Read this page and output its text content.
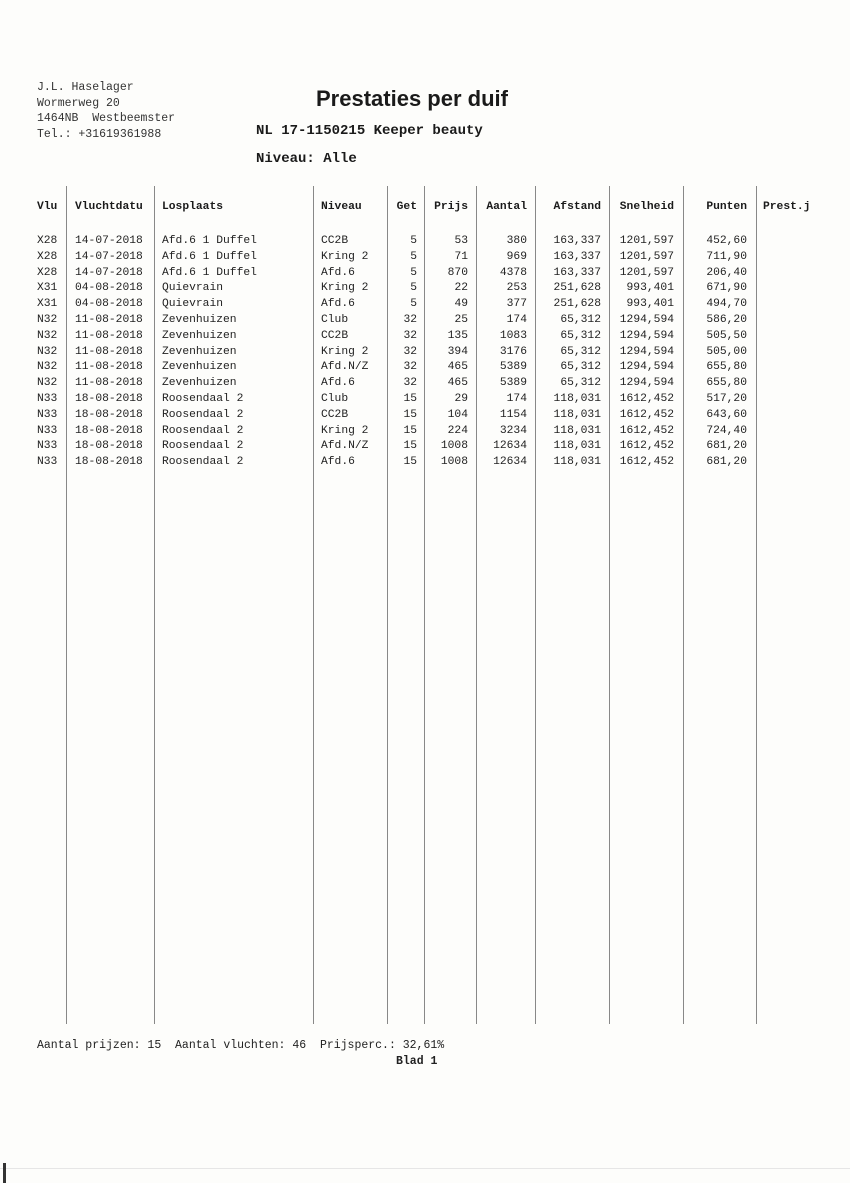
J.L. Haselager
Wormerweg 20
1464NB  Westbeemster
Tel.: +31619361988
Prestaties per duif
NL 17-1150215 Keeper beauty
Niveau: Alle
Vlu Vluchtdatu Losplaats	Niveau	Get Prijs Aantal Afstand Snelheid	Punten Prest.j
X28 14-07-2018 Afd.6 1 Duffel	CC2B	5	53	380 163,337 1201,597	452,60
X28 14-07-2018 Afd.6 1 Duffel	Kring 2	5	71	969 163,337 1201,597	711,90
X28 14-07-2018 Afd.6 1 Duffel	Afd.6	5	870	4378 163,337 1201,597	206,40
X31 04-08-2018 Quievrain	Kring 2	5	22	253 251,628 993,401	671,90
X31 04-08-2018 Quievrain	Afd.6	5	49	377 251,628 993,401	494,70
N32 11-08-2018 Zevenhuizen	Club	32	25	174	65,312 1294,594	586,20
N32 11-08-2018 Zevenhuizen	CC2B	32	135	1083	65,312 1294,594	505,50
N32 11-08-2018 Zevenhuizen	Kring 2	32	394	3176	65,312 1294,594	505,00
N32 11-08-2018 Zevenhuizen	Afd.N/Z	32	465	5389	65,312 1294,594	655,80
N32 11-08-2018 Zevenhuizen	Afd.6	32	465	5389	65,312 1294,594	655,80
N33 18-08-2018 Roosendaal 2	Club	15	29	174 118,031 1612,452	517,20
N33 18-08-2018 Roosendaal 2	CC2B	15	104	1154 118,031 1612,452	643,60
N33 18-08-2018 Roosendaal 2	Kring 2	15	224	3234 118,031 1612,452	724,40
N33 18-08-2018 Roosendaal 2	Afd.N/Z	15 1008 12634 118,031 1612,452	681,20
N33 18-08-2018 Roosendaal 2	Afd.6	15 1008 12634 118,031 1612,452	681,20
Aantal prijzen: 15  Aantal vluchten: 46  Prijsperc.: 32,61%
Blad 1
